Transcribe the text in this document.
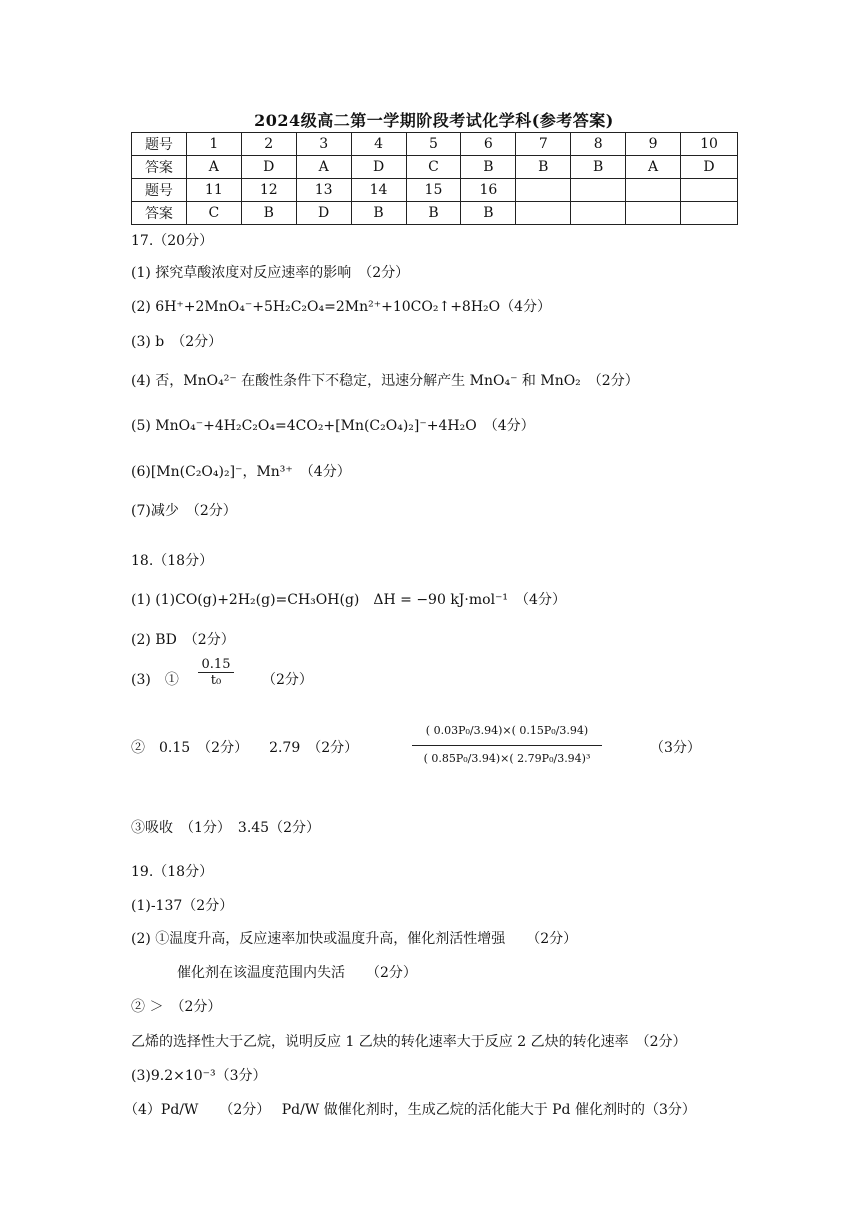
2024级高二第一学期阶段考试化学科(参考答案)
题号	1	2	3	4	5	6	7	8	9	10
答案	A	D	A	D	C	B	B	B	A	D
题号	11	12	13	14	15	16				
答案	C	B	D	B	B	B				
17.（20分）
(1) 探究草酸浓度对反应速率的影响　（2分）
(2) 6H⁺+2MnO₄⁻+5H₂C₂O₄=2Mn²⁺+10CO₂↑+8H₂O（4分）
(3) b　（2分）
(4) 否，MnO₄²⁻ 在酸性条件下不稳定，迅速分解产生 MnO₄⁻ 和 MnO₂　（2分）
(5) MnO₄⁻+4H₂C₂O₄=4CO₂+[Mn(C₂O₄)₂]⁻+4H₂O　（4分）
(6)[Mn(C₂O₄)₂]⁻，Mn³⁺　（4分）
(7)减少　（2分）
18.（18分）
(1) (1)CO(g)+2H₂(g)=CH₃OH(g)　ΔH = −90 kJ·mol⁻¹　（4分）
(2) BD　（2分）
(3)　① $\frac{0.15}{\text{t₀}} (2$分）
②　0.15　（2分）　　2.79　（2分）	$\frac{\text{( 0.03P₀/3.94)×( 0.15P₀/3.94)}}{\text{( 0.85P₀/3.94)×( 2.79P₀/3.94)³}}$	（3分）
③吸收　（1分）　3.45（2分）
19.（18分）
(1)-137（2分）
(2) ①温度升高，反应速率加快或温度升高，催化剂活性增强　　（2分）
催化剂在该温度范围内失活　　（2分）
② ＞　（2分）
乙烯的选择性大于乙烷，说明反应 1 乙炔的转化速率大于反应 2 乙炔的转化速率　（2分）
(3)9.2×10⁻³（3分）
（4）Pd/W　　（2分）　 Pd/W 做催化剂时，生成乙烷的活化能大于 Pd 催化剂时的（3分）
